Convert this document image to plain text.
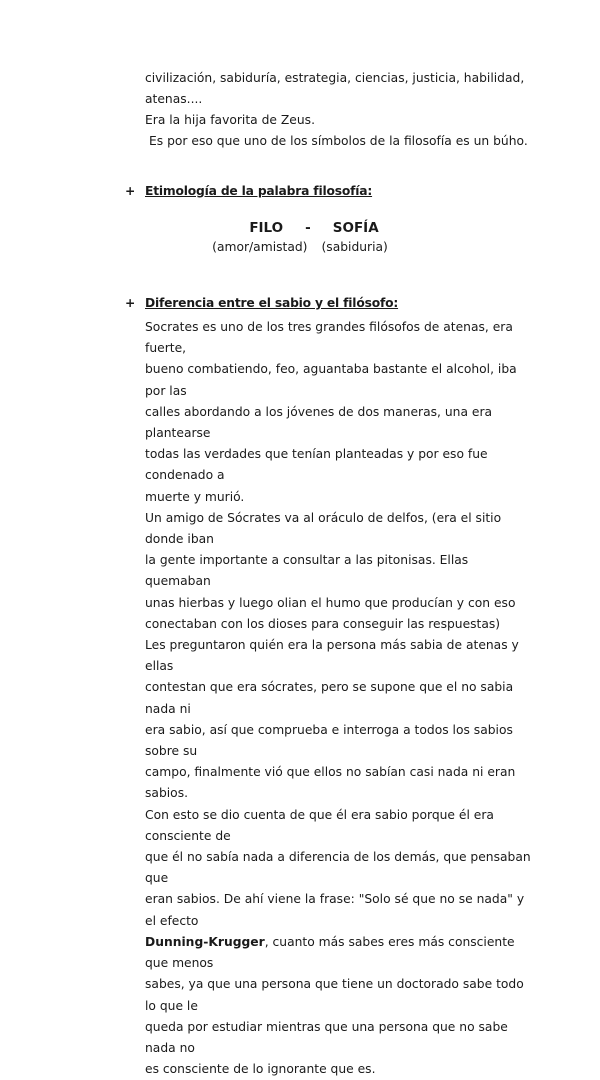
civilización, sabiduría, estrategia, ciencias, justicia, habilidad, atenas....
Era la hija favorita de Zeus.
Es por eso que uno de los símbolos de la filosofía es un búho.
+ Etimología de la palabra filosofía:
FILO - SOFÍA
(amor/amistad) (sabiduria)
+ Diferencia entre el sabio y el filósofo:

Socrates es uno de los tres grandes filósofos de atenas, era fuerte,

bueno combatiendo, feo, aguantaba bastante el alcohol, iba por las

calles abordando a los jóvenes de dos maneras, una era plantearse

todas las verdades que tenían planteadas y por eso fue condenado a

muerte y murió.

Un amigo de Sócrates va al oráculo de delfos, (era el sitio donde iban

la gente importante a consultar a las pitonisas. Ellas quemaban

unas hierbas y luego olian el humo que producían y con eso

conectaban con los dioses para conseguir las respuestas)

Les preguntaron quién era la persona más sabia de atenas y ellas

contestan que era sócrates, pero se supone que el no sabia nada ni

era sabio, así que comprueba e interroga a todos los sabios sobre su

campo, finalmente vió que ellos no sabían casi nada ni eran sabios.

Con esto se dio cuenta de que él era sabio porque él era consciente de

que él no sabía nada a diferencia de los demás, que pensaban que

eran sabios. De ahí viene la frase: "Solo sé que no se nada" y el efecto

Dunning-Krugger, cuanto más sabes eres más consciente que menos

sabes, ya que una persona que tiene un doctorado sabe todo lo que le

queda por estudiar mientras que una persona que no sabe nada no

es consciente de lo ignorante que es.
